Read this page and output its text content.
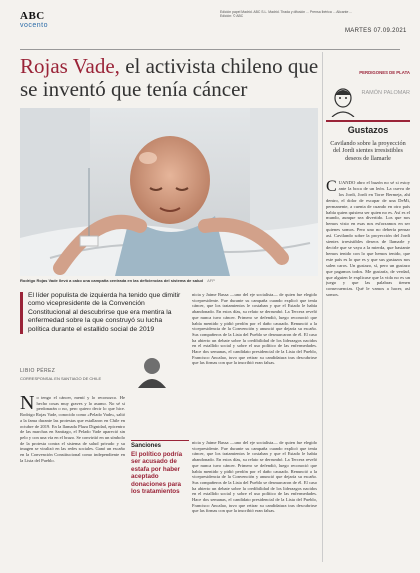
ABC
vocento
Edición papel Madrid. ABC S.L. Madrid. Tirada y difusión ... Prensa Ibérica ... Alicante ... Edición: © ABC
MARTES 07.09.2021
Rojas Vade, el activista chileno que se inventó que tenía cáncer
Rodrigo Rojas Vade llevó a cabo una campaña centrada en las deficiencias del sistema de salud AFP
El líder populista de izquierda ha tenido que dimitir como vicepresidente de la Convención Constitucional al descubrirse que era mentira la enfermedad sobre la que construyó su lucha política durante el estallido social de 2019
LIBIO PÉREZ
CORRESPONSAL EN SANTIAGO DE CHILE
No tengo el cáncer, mentí y lo reconozco. He hecho cosas muy graves y lo asumo. No sé si perdonarán o no, pero quiero decir lo que hice. Rodrigo Rojas Vade, conocido como «Pelado Vade», saltó a la fama durante las protestas que estallaron en Chile en octubre de 2019. En la llamada Plaza Dignidad, epicentro de las marchas en Santiago, el Pelado Vade apareció sin pelo y con una vía en el brazo. Se convirtió en un símbolo de la protesta contra el sistema de salud privado y su imagen se viralizó en las redes sociales. Ganó un escaño en la Convención Constitucional como independiente en la Lista del Pueblo.
nicia y Jaime Bassa —uno del eje socialista— de quien fue elegido vicepresidente. Fue durante su campaña cuando explicó que tenía cáncer, que los tratamientos le costaban y que el Estado le había abandonado. En estos días, su relato se derrumbó. La Tercera reveló que nunca tuvo cáncer. Primero se defendió, luego reconoció que había mentido y pidió perdón por el daño causado. Renunció a la vicepresidencia de la Convención y anunció que dejaría su escaño. Sus compañeros de la Lista del Pueblo se desmarcaron de él. El caso ha abierto un debate sobre la credibilidad de los liderazgos nacidos en el estallido social y sobre el uso político de las enfermedades. Hace dos semanas, el candidato presidencial de la Lista del Pueblo, Francisco Ancalao, tuvo que retirar su candidatura tras descubrirse que las firmas con que la inscribió eran falsas.
Sanciones
El político podría ser acusado de estafa por haber aceptado donaciones para los tratamientos
nicia y Jaime Bassa —uno del eje socialista— de quien fue elegido vicepresidente. Fue durante su campaña cuando explicó que tenía cáncer, que los tratamientos le costaban y que el Estado le había abandonado. En estos días, su relato se derrumbó. La Tercera reveló que nunca tuvo cáncer. Primero se defendió, luego reconoció que había mentido y pidió perdón por el daño causado. Renunció a la vicepresidencia de la Convención y anunció que dejaría su escaño. Sus compañeros de la Lista del Pueblo se desmarcaron de él. El caso ha abierto un debate sobre la credibilidad de los liderazgos nacidos en el estallido social y sobre el uso político de las enfermedades. Hace dos semanas, el candidato presidencial de la Lista del Pueblo, Francisco Ancalao, tuvo que retirar su candidatura tras descubrirse que las firmas con que la inscribió eran falsas.
PERDIGONES DE PLATA
RAMÓN PALOMAR
Gustazos
Cavilando sobre la proyección del Jordi sientes irresistibles deseos de llamarle
CUANDO abro el buzón no sé si estoy ante la boca de un león. La cueva de los Jordi, Jordi en Torre Bermeja, ahí dentro, el dolor de escapar de una DeMi, permanente, a cuenta de cuando en otro país había quien quisiera ser quien no es. Así es el mundo, aunque sea divertido. Los que nos hemos visto en esas nos esforzamos en ser quienes somos. Pero uno no debería pensar así. Cavilando sobre la proyección del Jordi sientes irresistibles deseos de llamarle y decirle que se vaya a la mierda, que bastante hemos tenido con lo que hemos tenido, que este país es lo que es y que sus gustazos nos salen caros. Un gustazo, sí, pero un gustazo que pagamos todos. Me gustaría, de verdad, que alguien le explicase que la vida no es un juego y que las palabras tienen consecuencias. Qué le vamos a hacer, así somos.
